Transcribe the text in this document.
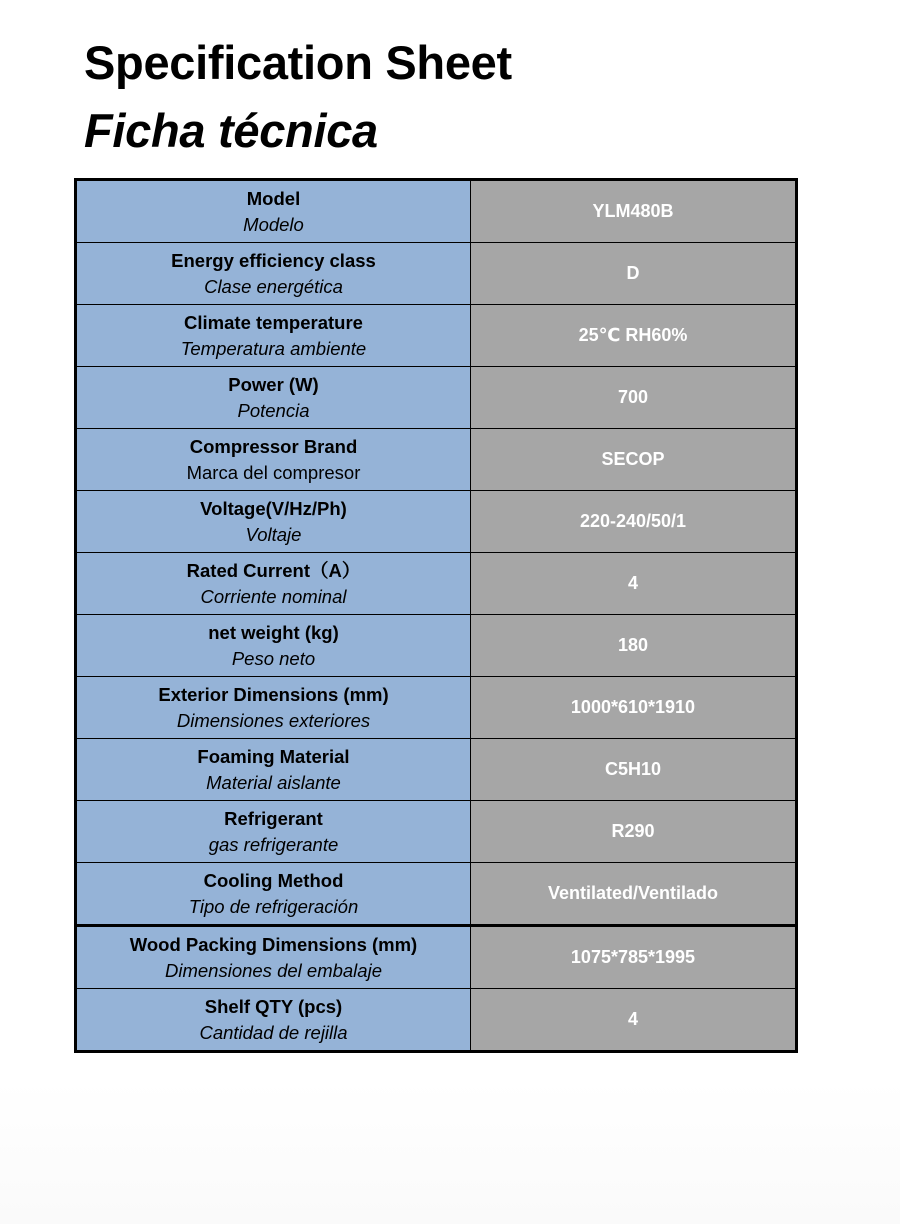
Specification Sheet
Ficha técnica
Model
Modelo	YLM480B

Energy efficiency class
Clase energética	D

Climate temperature
Temperatura ambiente	25℃ RH60%

Power (W)
Potencia	700

Compressor Brand
Marca del compresor	SECOP

Voltage(V/Hz/Ph)
Voltaje	220-240/50/1

Rated Current（A）
Corriente nominal	4

net weight (kg)
Peso neto	180

Exterior Dimensions (mm)
Dimensiones exteriores	1000*610*1910

Foaming Material
Material aislante	C5H10

Refrigerant
gas refrigerante	R290

Cooling Method
Tipo de refrigeración	Ventilated/Ventilado

Wood Packing Dimensions (mm)
Dimensiones del embalaje	1075*785*1995

Shelf QTY (pcs)
Cantidad de rejilla	4
